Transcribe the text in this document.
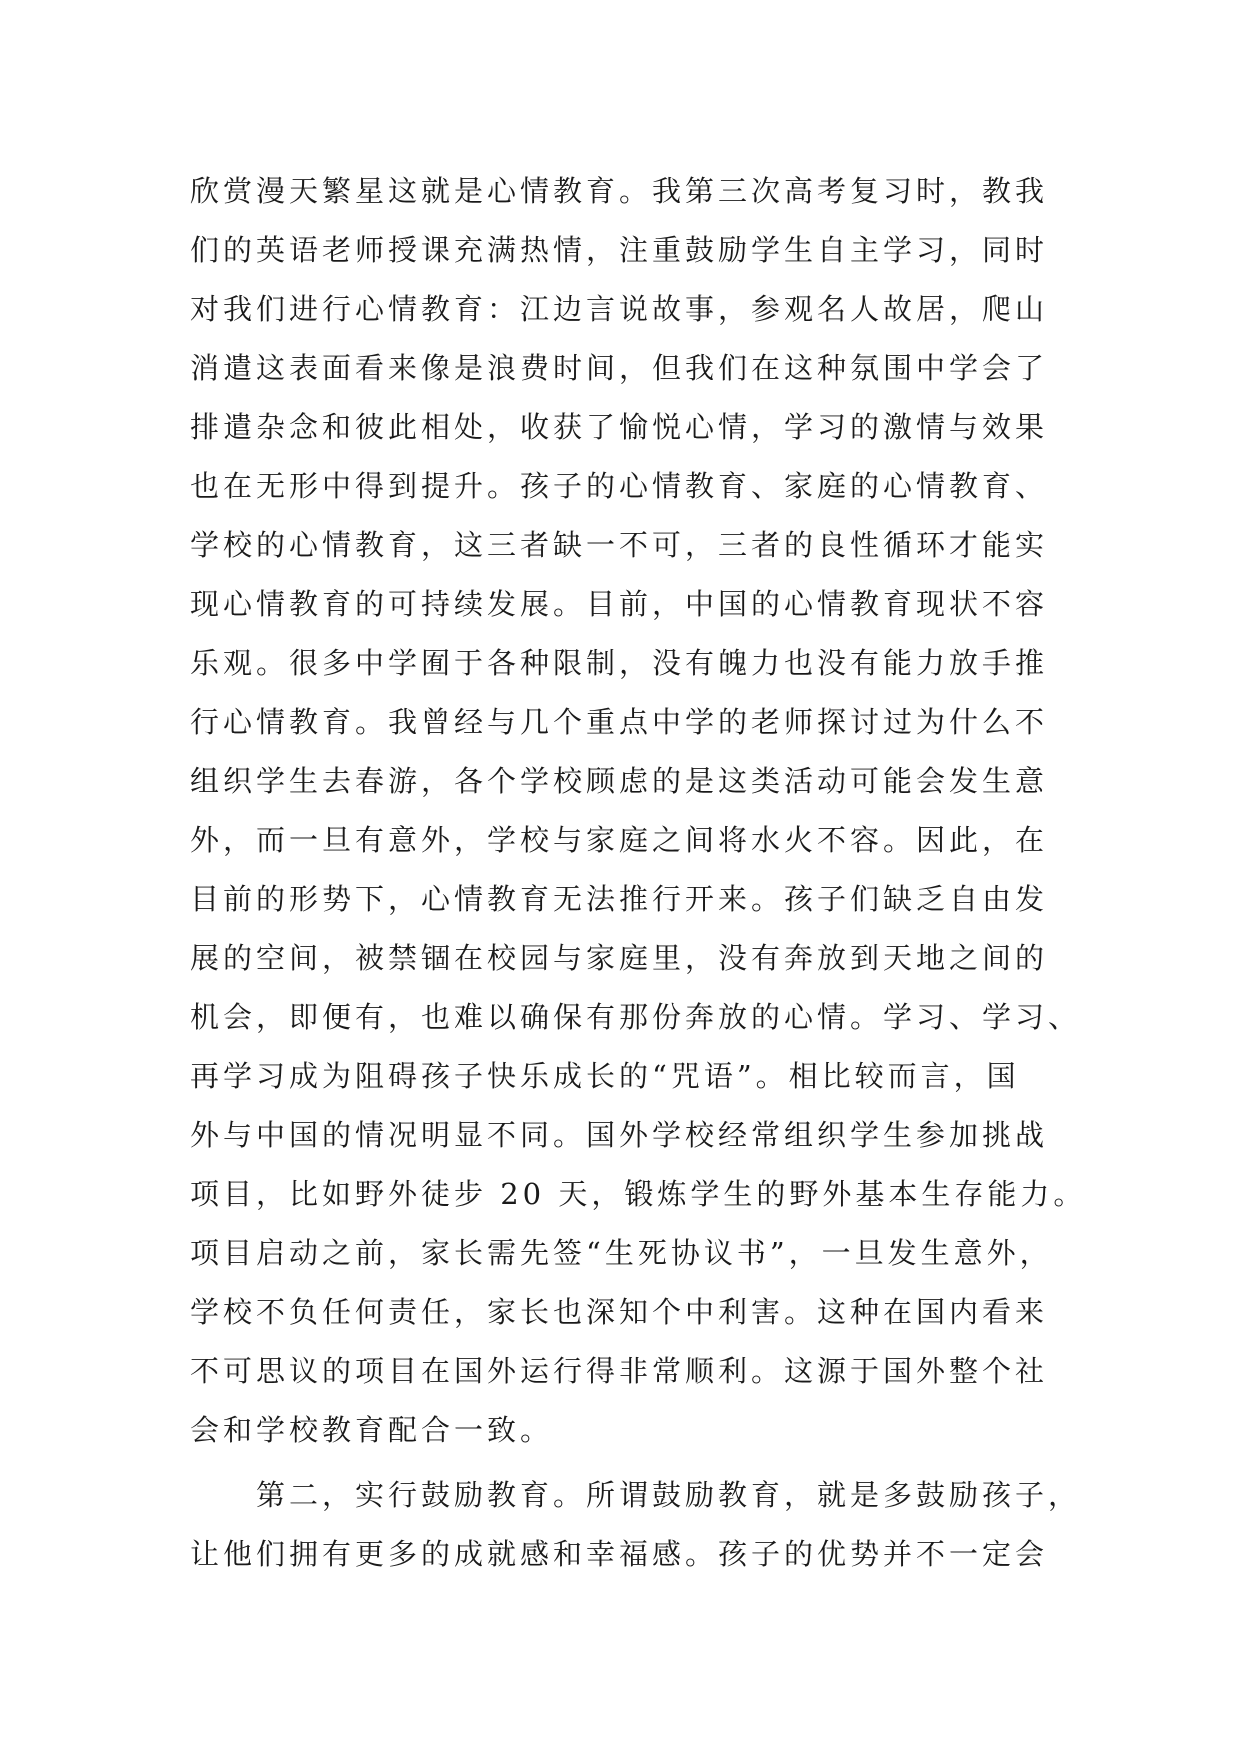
欣赏漫天繁星这就是心情教育。我第三次高考复习时，教我
们的英语老师授课充满热情，注重鼓励学生自主学习，同时
对我们进行心情教育：江边言说故事，参观名人故居，爬山
消遣这表面看来像是浪费时间，但我们在这种氛围中学会了
排遣杂念和彼此相处，收获了愉悦心情，学习的激情与效果
也在无形中得到提升。孩子的心情教育、家庭的心情教育、
学校的心情教育，这三者缺一不可，三者的良性循环才能实
现心情教育的可持续发展。目前，中国的心情教育现状不容
乐观。很多中学囿于各种限制，没有魄力也没有能力放手推
行心情教育。我曾经与几个重点中学的老师探讨过为什么不
组织学生去春游，各个学校顾虑的是这类活动可能会发生意
外，而一旦有意外，学校与家庭之间将水火不容。因此，在
目前的形势下，心情教育无法推行开来。孩子们缺乏自由发
展的空间，被禁锢在校园与家庭里，没有奔放到天地之间的
机会，即便有，也难以确保有那份奔放的心情。学习、学习、
再学习成为阻碍孩子快乐成长的“咒语”。相比较而言，国
外与中国的情况明显不同。国外学校经常组织学生参加挑战
项目，比如野外徒步 20 天，锻炼学生的野外基本生存能力。
项目启动之前，家长需先签“生死协议书”，一旦发生意外，
学校不负任何责任，家长也深知个中利害。这种在国内看来
不可思议的项目在国外运行得非常顺利。这源于国外整个社
会和学校教育配合一致。
第二，实行鼓励教育。所谓鼓励教育，就是多鼓励孩子，
让他们拥有更多的成就感和幸福感。孩子的优势并不一定会
